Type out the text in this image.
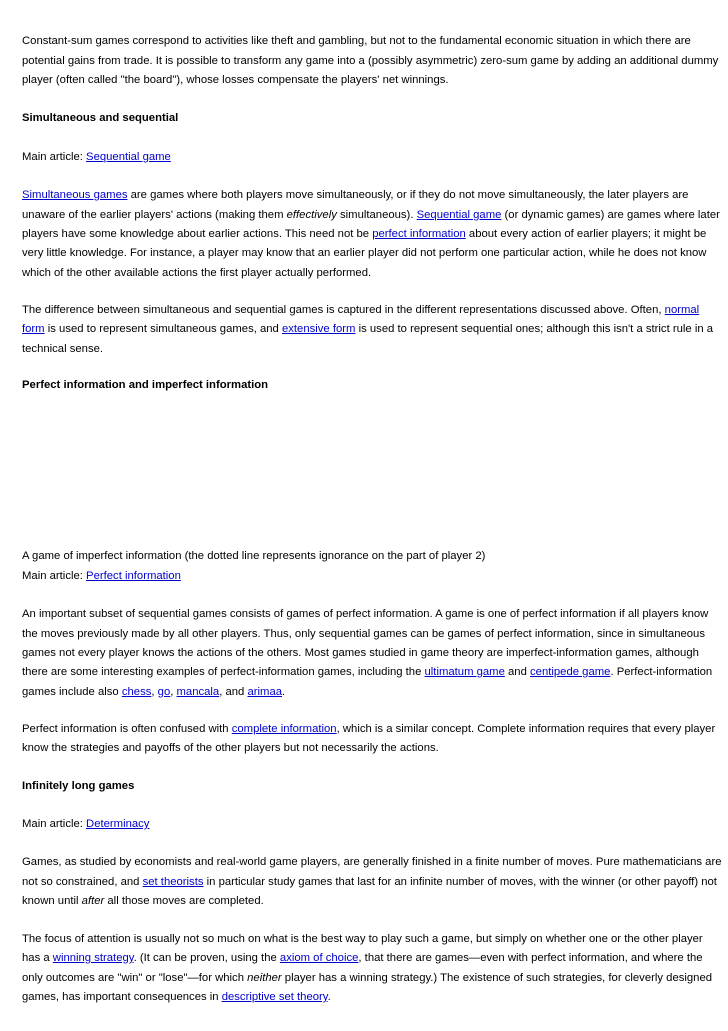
Constant-sum games correspond to activities like theft and gambling, but not to the fundamental economic situation in which there are
potential gains from trade. It is possible to transform any game into a (possibly asymmetric) zero-sum game by adding an additional dummy
player (often called "the board"), whose losses compensate the players' net winnings.
Simultaneous and sequential
Main article: Sequential game
Simultaneous games are games where both players move simultaneously, or if they do not move simultaneously, the later players are
unaware of the earlier players' actions (making them effectively simultaneous). Sequential game (or dynamic games) are games where later
players have some knowledge about earlier actions. This need not be perfect information about every action of earlier players; it might be
very little knowledge. For instance, a player may know that an earlier player did not perform one particular action, while he does not know
which of the other available actions the first player actually performed.
The difference between simultaneous and sequential games is captured in the different representations discussed above. Often, normal
form is used to represent simultaneous games, and extensive form is used to represent sequential ones; although this isn't a strict rule in a
technical sense.
Perfect information and imperfect information
A game of imperfect information (the dotted line represents ignorance on the part of player 2)
Main article: Perfect information
An important subset of sequential games consists of games of perfect information. A game is one of perfect information if all players know
the moves previously made by all other players. Thus, only sequential games can be games of perfect information, since in simultaneous
games not every player knows the actions of the others. Most games studied in game theory are imperfect-information games, although
there are some interesting examples of perfect-information games, including the ultimatum game and centipede game. Perfect-information
games include also chess, go, mancala, and arimaa.
Perfect information is often confused with complete information, which is a similar concept. Complete information requires that every player
know the strategies and payoffs of the other players but not necessarily the actions.
Infinitely long games
Main article: Determinacy
Games, as studied by economists and real-world game players, are generally finished in a finite number of moves. Pure mathematicians are
not so constrained, and set theorists in particular study games that last for an infinite number of moves, with the winner (or other payoff) not
known until after all those moves are completed.
The focus of attention is usually not so much on what is the best way to play such a game, but simply on whether one or the other player
has a winning strategy. (It can be proven, using the axiom of choice, that there are games—even with perfect information, and where the
only outcomes are "win" or "lose"—for which neither player has a winning strategy.) The existence of such strategies, for cleverly designed
games, has important consequences in descriptive set theory.
